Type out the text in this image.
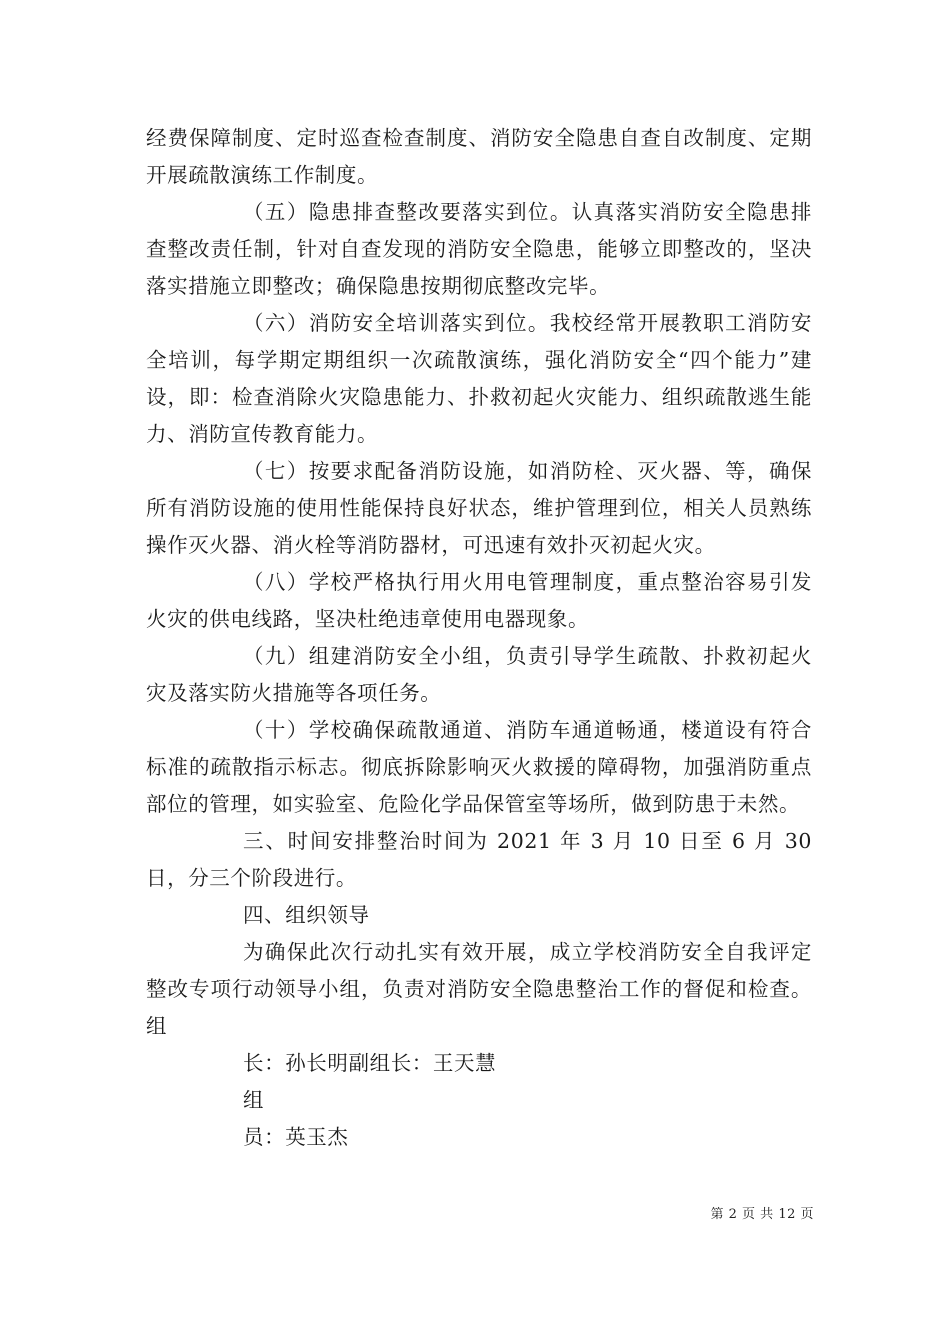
经费保障制度、定时巡查检查制度、消防安全隐患自查自改制度、定期开展疏散演练工作制度。

（五）隐患排查整改要落实到位。认真落实消防安全隐患排查整改责任制，针对自查发现的消防安全隐患，能够立即整改的，坚决落实措施立即整改；确保隐患按期彻底整改完毕。

（六）消防安全培训落实到位。我校经常开展教职工消防安全培训，每学期定期组织一次疏散演练，强化消防安全“四个能力”建设，即：检查消除火灾隐患能力、扑救初起火灾能力、组织疏散逃生能力、消防宣传教育能力。

（七）按要求配备消防设施，如消防栓、灭火器、等，确保所有消防设施的使用性能保持良好状态，维护管理到位，相关人员熟练操作灭火器、消火栓等消防器材，可迅速有效扑灭初起火灾。

（八）学校严格执行用火用电管理制度，重点整治容易引发火灾的供电线路，坚决杜绝违章使用电器现象。

（九）组建消防安全小组，负责引导学生疏散、扑救初起火灾及落实防火措施等各项任务。

（十）学校确保疏散通道、消防车通道畅通，楼道设有符合标准的疏散指示标志。彻底拆除影响灭火救援的障碍物，加强消防重点部位的管理，如实验室、危险化学品保管室等场所，做到防患于未然。

三、时间安排整治时间为 2021 年 3 月 10 日至 6 月 30 日，分三个阶段进行。

四、组织领导

为确保此次行动扎实有效开展，成立学校消防安全自我评定整改专项行动领导小组，负责对消防安全隐患整治工作的督促和检查。组

长：孙长明副组长：王天慧

组

员：英玉杰

第 2 页 共 12 页
